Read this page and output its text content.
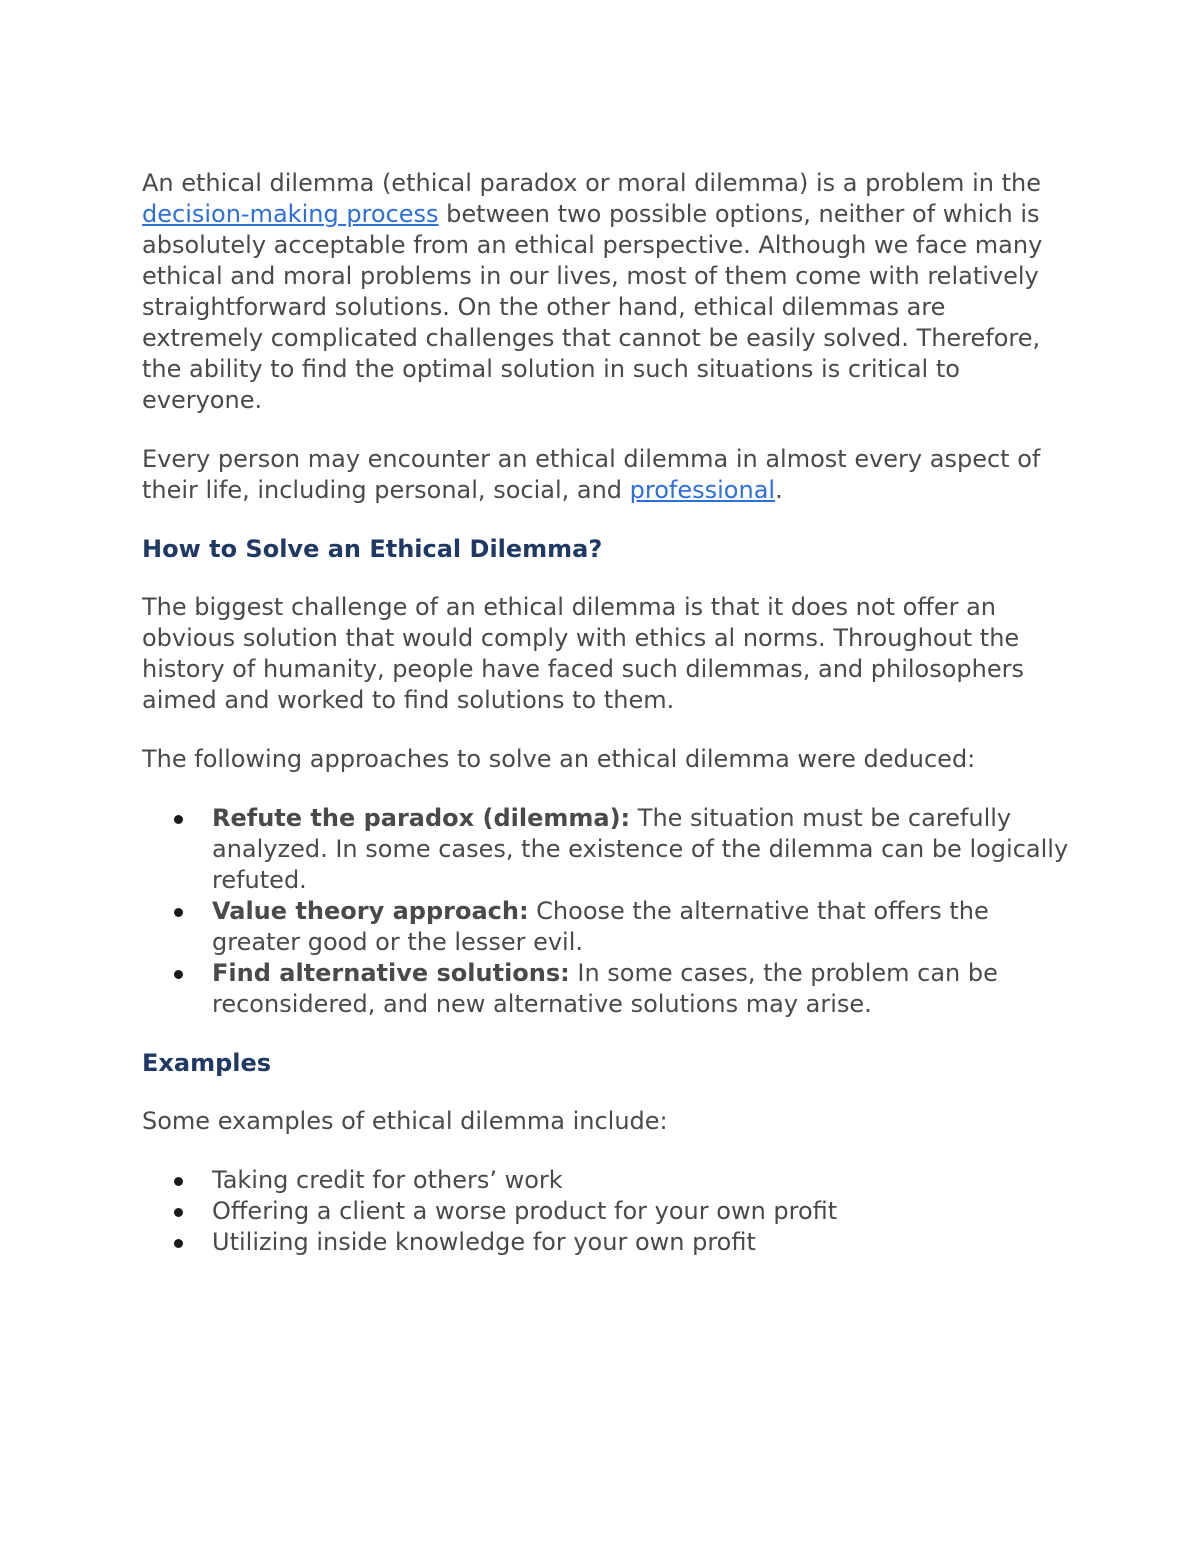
An ethical dilemma (ethical paradox or moral dilemma) is a problem in the decision-making process between two possible options, neither of which is absolutely acceptable from an ethical perspective. Although we face many ethical and moral problems in our lives, most of them come with relatively straightforward solutions. On the other hand, ethical dilemmas are extremely complicated challenges that cannot be easily solved. Therefore, the ability to find the optimal solution in such situations is critical to everyone.

Every person may encounter an ethical dilemma in almost every aspect of their life, including personal, social, and professional.

How to Solve an Ethical Dilemma?

The biggest challenge of an ethical dilemma is that it does not offer an obvious solution that would comply with ethics al norms. Throughout the history of humanity, people have faced such dilemmas, and philosophers aimed and worked to find solutions to them.

The following approaches to solve an ethical dilemma were deduced:

Refute the paradox (dilemma): The situation must be carefully analyzed. In some cases, the existence of the dilemma can be logically refuted.
Value theory approach: Choose the alternative that offers the greater good or the lesser evil.
Find alternative solutions: In some cases, the problem can be reconsidered, and new alternative solutions may arise.
Examples

Some examples of ethical dilemma include:

Taking credit for others’ work
Offering a client a worse product for your own profit
Utilizing inside knowledge for your own profit
